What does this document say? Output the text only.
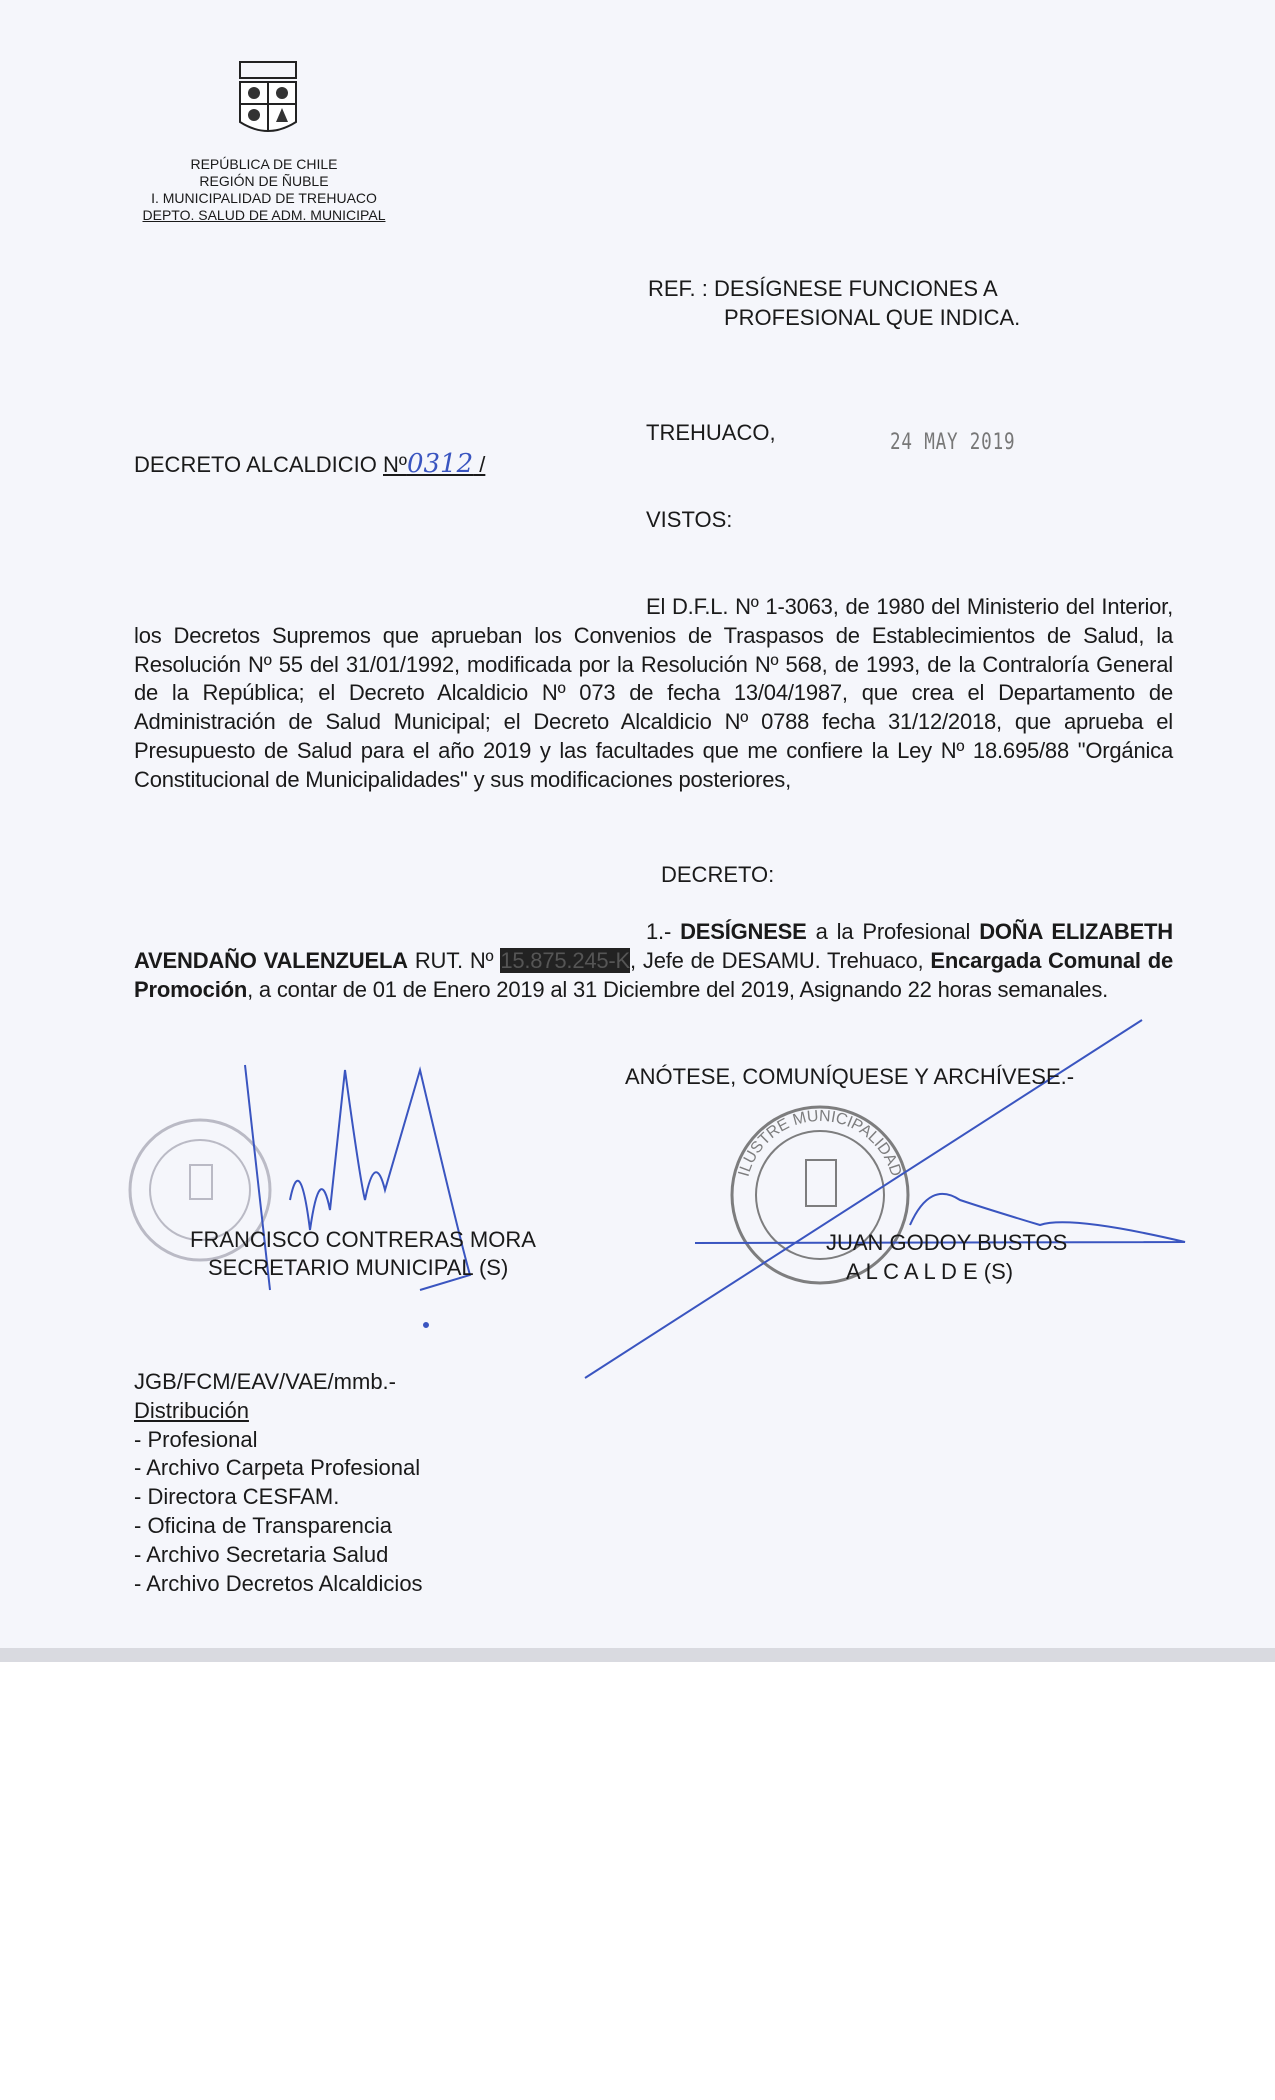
ILUSTRE MUNICIPALIDAD
REPÚBLICA DE CHILE
REGIÓN DE ÑUBLE
I. MUNICIPALIDAD DE TREHUACO
DEPTO. SALUD DE ADM. MUNICIPAL
REF. : DESÍGNESE FUNCIONES A
PROFESIONAL QUE INDICA.
TREHUACO,	24 MAY 2019
DECRETO ALCALDICIO Nº0312 /
VISTOS:
El D.F.L. Nº 1-3063, de 1980 del Ministerio del Interior, los Decretos Supremos que aprueban los Convenios de Traspasos de Establecimientos de Salud, la Resolución Nº 55 del 31/01/1992, modificada por la Resolución Nº 568, de 1993, de la Contraloría General de la República; el Decreto Alcaldicio Nº 073 de fecha 13/04/1987, que crea el Departamento de Administración de Salud Municipal; el Decreto Alcaldicio Nº 0788 fecha 31/12/2018, que aprueba el Presupuesto de Salud para el año 2019 y las facultades que me confiere la Ley Nº 18.695/88 "Orgánica Constitucional de Municipalidades" y sus modificaciones posteriores,
DECRETO:
1.- DESÍGNESE a la Profesional DOÑA ELIZABETH AVENDAÑO VALENZUELA RUT. Nº 15.875.245-K, Jefe de DESAMU. Trehuaco, Encargada Comunal de Promoción, a contar de 01 de Enero 2019 al 31 Diciembre del 2019, Asignando 22 horas semanales.
ANÓTESE, COMUNÍQUESE Y ARCHÍVESE.-
FRANCISCO CONTRERAS MORA
SECRETARIO MUNICIPAL (S)
JUAN GODOY BUSTOS
A L C A L D E (S)
JGB/FCM/EAV/VAE/mmb.-
Distribución
- Profesional
- Archivo Carpeta Profesional
- Directora CESFAM.
- Oficina de Transparencia
- Archivo Secretaria Salud
- Archivo Decretos Alcaldicios
